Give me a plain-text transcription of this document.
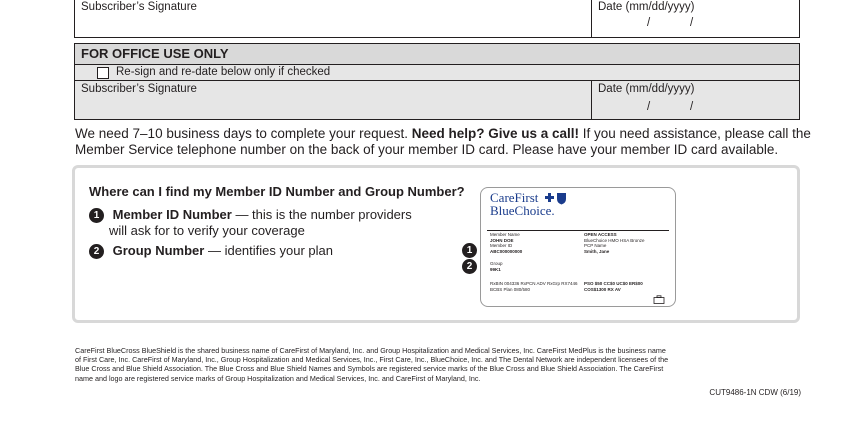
Subscriber’s Signature	Date (mm/dd/yyyy)
/	/
FOR OFFICE USE ONLY
Re-sign and re-date below only if checked
Subscriber’s Signature	Date (mm/dd/yyyy)
/	/
We need 7–10 business days to complete your request. Need help? Give us a call! If you need assistance, please call the
Member Service telephone number on the back of your member ID card. Please have your member ID card available.
Where can I find my Member ID Number and Group Number?
1 Member ID Number — this is the number providers
will ask for to verify your coverage
2 Group Number — identifies your plan	1
2
CareFirst
BlueChoice.
Member Name
JOHN DOE
Member ID
ABC000000000
OPEN ACCESS
BlueChoice HMO HSA Bronze
PCP Name
Smith, Jane
Group
99K1
RxBIN 004336 RxPCN ADV RxGrp RX7446
BCBS Plan 080/580
PSO $50 CC$0 UC$0 ER$00
COS$1300 RX AV
CareFirst BlueCross BlueShield is the shared business name of CareFirst of Maryland, Inc. and Group Hospitalization and Medical Services, Inc. CareFirst MedPlus is the business name
of First Care, Inc. CareFirst of Maryland, Inc., Group Hospitalization and Medical Services, Inc., First Care, Inc., BlueChoice, Inc. and The Dental Network are independent licensees of the
Blue Cross and Blue Shield Association. The Blue Cross and Blue Shield Names and Symbols are registered service marks of the Blue Cross and Blue Shield Association. The CareFirst
name and logo are registered service marks of Group Hospitalization and Medical Services, Inc. and CareFirst of Maryland, Inc.
CUT9486-1N CDW (6/19)
